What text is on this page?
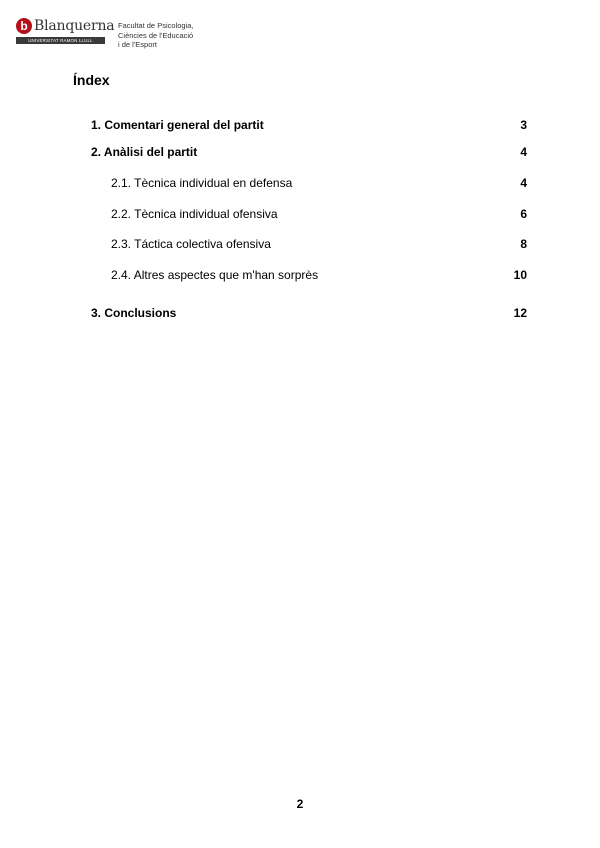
b Blanquerna
UNIVERSITAT RAMON LLULL
Facultat de Psicologia,
Ciències de l'Educació
i de l'Esport
Índex
1. Comentari general del partit	3
2. Anàlisi del partit	4
2.1. Tècnica individual en defensa	4
2.2. Tècnica individual ofensiva	6
2.3. Táctica colectiva ofensiva	8
2.4. Altres aspectes que m'han sorprès	10
3. Conclusions	12
2
